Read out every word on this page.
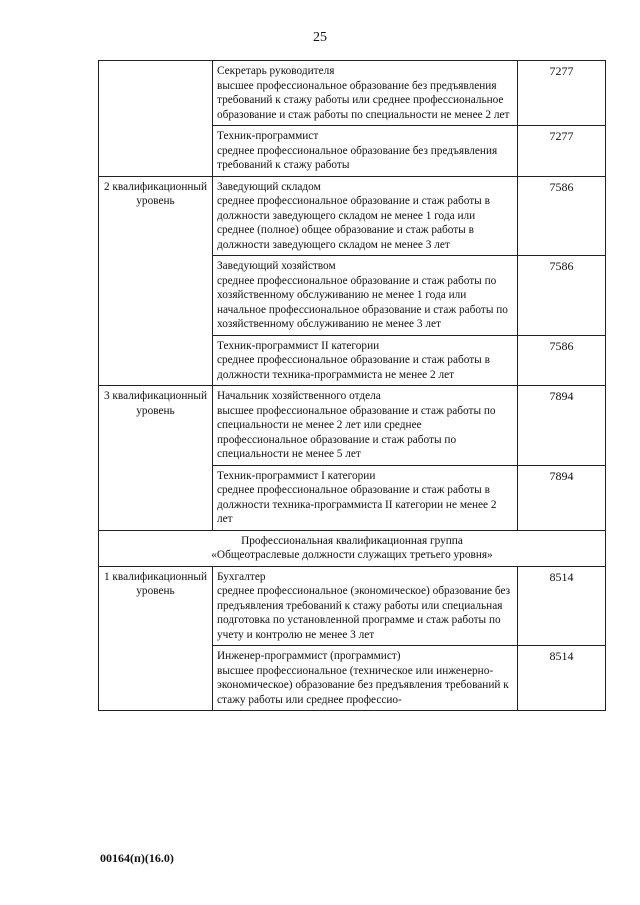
25

	Секретарь руководителя
высшее профессиональное образование без предъявления требований к стажу работы или среднее профессиональное образование и стаж работы по специальности не менее 2 лет	7277

	Техник-программист
среднее профессиональное образование без предъявления требований к стажу работы	7277
2 квалификационный уровень	Заведующий складом
среднее профессиональное образование и стаж работы в должности заведующего складом не менее 1 года или среднее (полное) общее образование и стаж работы в должности заведующего складом не менее 3 лет	7586

	Заведующий хозяйством
среднее профессиональное образование и стаж работы по хозяйственному обслуживанию не менее 1 года или начальное профессиональное образование и стаж работы по хозяйственному обслуживанию не менее 3 лет	7586

	Техник-программист II категории
среднее профессиональное образование и стаж работы в должности техника-программиста не менее 2 лет	7586
3 квалификационный уровень	Начальник хозяйственного отдела
высшее профессиональное образование и стаж работы по специальности не менее 2 лет или среднее профессиональное образование и стаж работы по специальности не менее 5 лет	7894

	Техник-программист I категории
среднее профессиональное образование и стаж работы в должности техника-программиста II категории не менее 2 лет	7894

Профессиональная квалификационная группа
«Общеотраслевые должности служащих третьего уровня»		

1 квалификационный уровень	Бухгалтер
среднее профессиональное (экономическое) образование без предъявления требований к стажу работы или специальная подготовка по установленной программе и стаж работы по учету и контролю не менее 3 лет	8514

	Инженер-программист (программист)
высшее профессиональное (техническое или инженерно-экономическое) образование без предъявления требований к стажу работы или среднее профессио-	8514
00164(п)(16.0)
